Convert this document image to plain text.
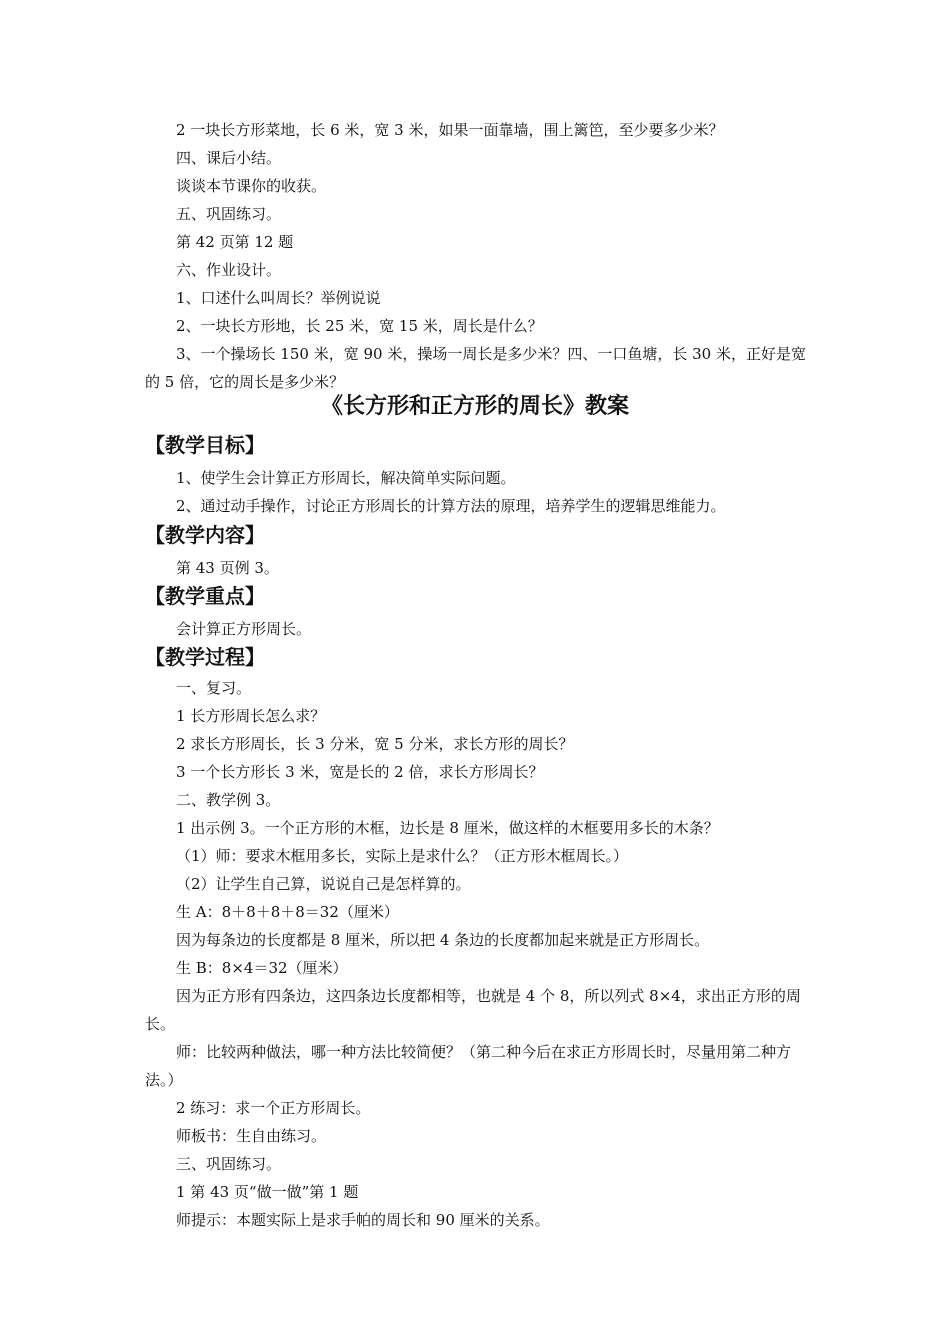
2 一块长方形菜地，长 6 米，宽 3 米，如果一面靠墙，围上篱笆，至少要多少米？
四、课后小结。
谈谈本节课你的收获。
五、巩固练习。
第 42 页第 12 题
六、作业设计。
1、口述什么叫周长？举例说说
2、一块长方形地，长 25 米，宽 15 米，周长是什么？
3、一个操场长 150 米，宽 90 米，操场一周长是多少米？四、一口鱼塘，长 30 米，正好是宽的 5 倍，它的周长是多少米？
《长方形和正方形的周长》教案
【教学目标】
1、使学生会计算正方形周长，解决简单实际问题。
2、通过动手操作，讨论正方形周长的计算方法的原理，培养学生的逻辑思维能力。
【教学内容】
第 43 页例 3。
【教学重点】
会计算正方形周长。
【教学过程】
一、复习。
1 长方形周长怎么求？
2 求长方形周长，长 3 分米，宽 5 分米，求长方形的周长？
3 一个长方形长 3 米，宽是长的 2 倍，求长方形周长？
二、教学例 3。
1 出示例 3。一个正方形的木框，边长是 8 厘米，做这样的木框要用多长的木条？
（1）师：要求木框用多长，实际上是求什么？（正方形木框周长。）
（2）让学生自己算，说说自己是怎样算的。
生 A：8＋8＋8＋8＝32（厘米）
因为每条边的长度都是 8 厘米，所以把 4 条边的长度都加起来就是正方形周长。
生 B：8×4＝32（厘米）
因为正方形有四条边，这四条边长度都相等，也就是 4 个 8，所以列式 8×4，求出正方形的周长。
师：比较两种做法，哪一种方法比较简便？（第二种今后在求正方形周长时，尽量用第二种方法。）
2 练习：求一个正方形周长。
师板书：生自由练习。
三、巩固练习。
1 第 43 页“做一做”第 1 题
师提示：本题实际上是求手帕的周长和 90 厘米的关系。
